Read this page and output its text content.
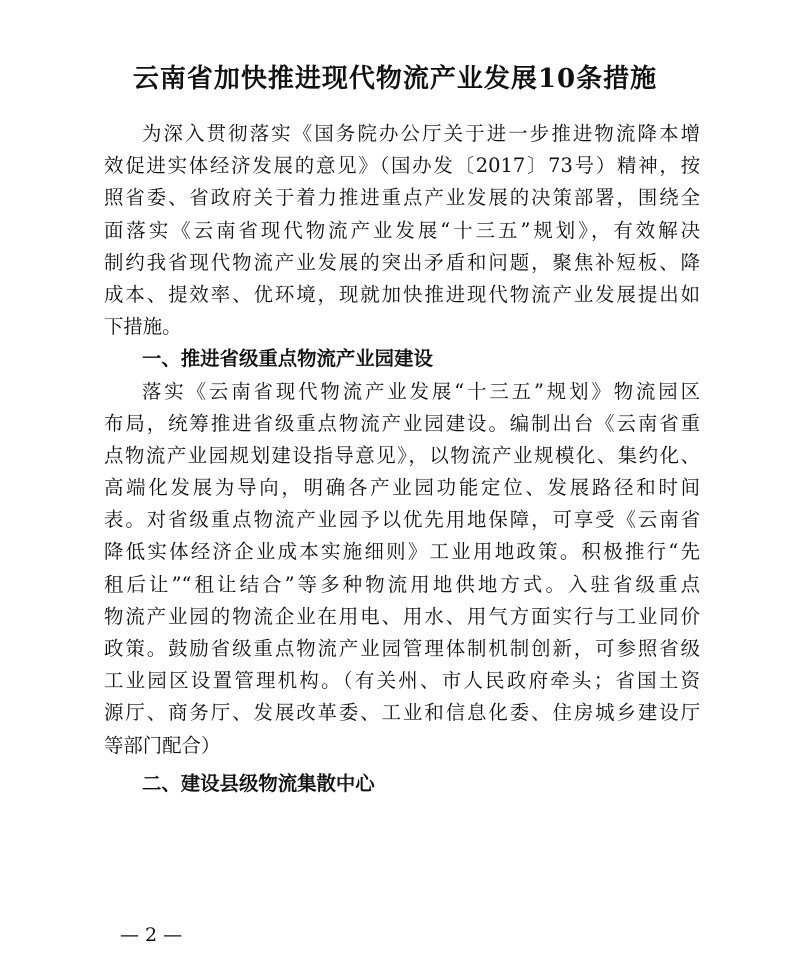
云南省加快推进现代物流产业发展10条措施
为深入贯彻落实《国务院办公厅关于进一步推进物流降本增
效促进实体经济发展的意见》（国办发〔2017〕73号）精神，按
照省委、省政府关于着力推进重点产业发展的决策部署，围绕全
面落实《云南省现代物流产业发展“十三五”规划》，有效解决
制约我省现代物流产业发展的突出矛盾和问题，聚焦补短板、降
成本、提效率、优环境，现就加快推进现代物流产业发展提出如
下措施。
一、推进省级重点物流产业园建设
落实《云南省现代物流产业发展“十三五”规划》物流园区
布局，统筹推进省级重点物流产业园建设。编制出台《云南省重
点物流产业园规划建设指导意见》，以物流产业规模化、集约化、
高端化发展为导向，明确各产业园功能定位、发展路径和时间
表。对省级重点物流产业园予以优先用地保障，可享受《云南省
降低实体经济企业成本实施细则》工业用地政策。积极推行“先
租后让”“租让结合”等多种物流用地供地方式。入驻省级重点
物流产业园的物流企业在用电、用水、用气方面实行与工业同价
政策。鼓励省级重点物流产业园管理体制机制创新，可参照省级
工业园区设置管理机构。（有关州、市人民政府牵头；省国土资
源厅、商务厅、发展改革委、工业和信息化委、住房城乡建设厅
等部门配合）
二、建设县级物流集散中心
— 2 —
